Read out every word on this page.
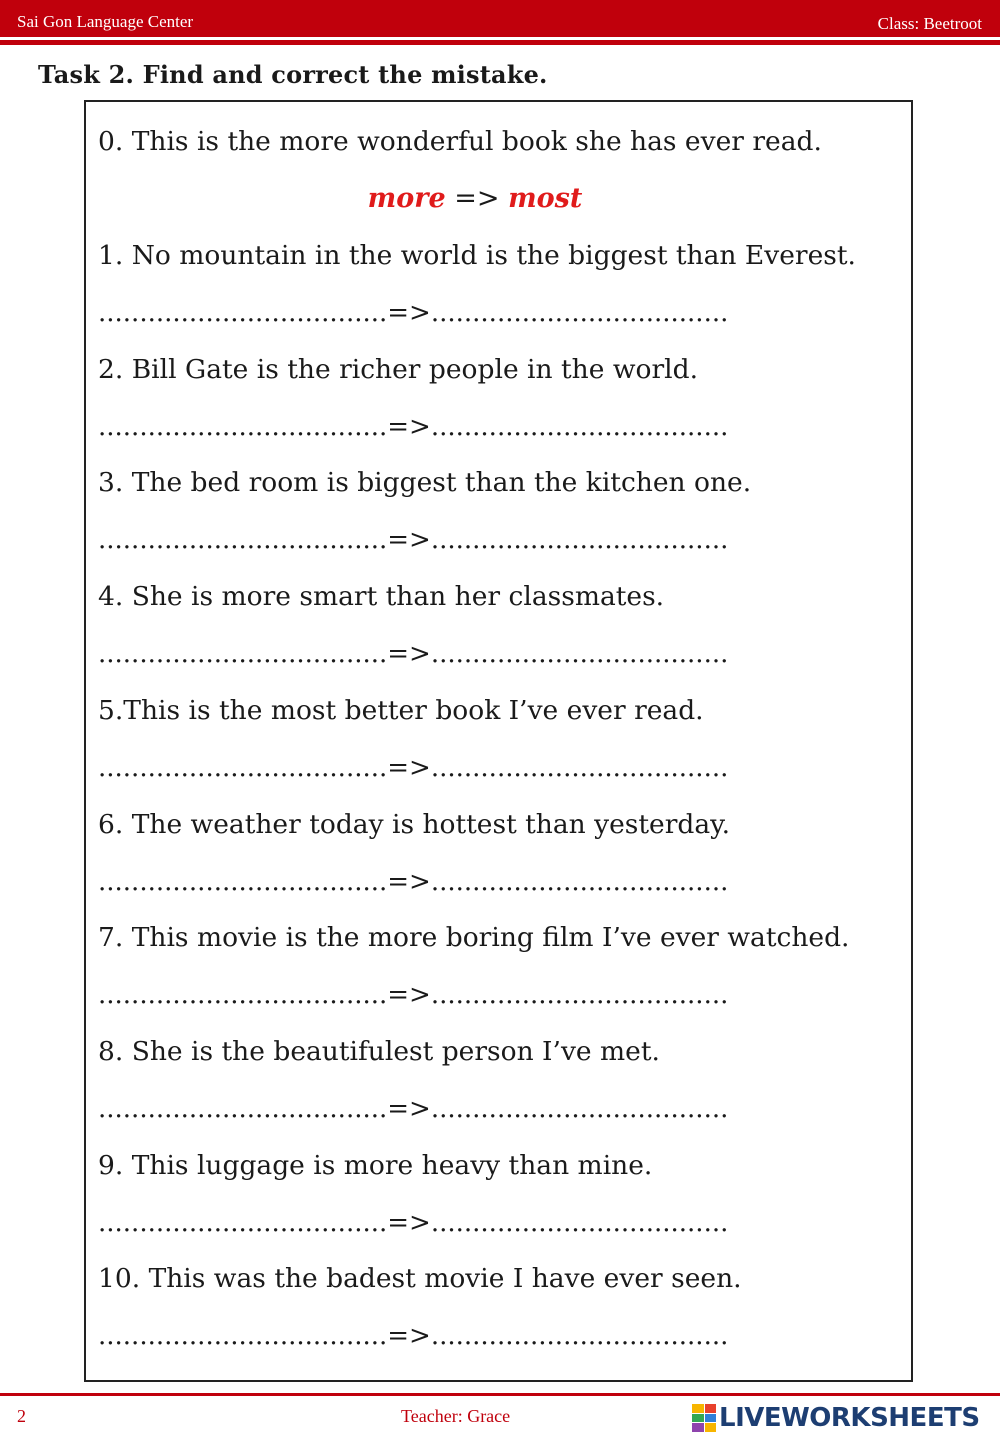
Sai Gon Language Center	Class: Beetroot
Task 2. Find and correct the mistake.
0. This is the more wonderful book she has ever read.
more => most
1. No mountain in the world is the biggest than Everest.
...................................=>....................................
2. Bill Gate is the richer people in the world.
...................................=>....................................
3. The bed room is biggest than the kitchen one.
...................................=>....................................
4. She is more smart than her classmates.
...................................=>....................................
5.This is the most better book I’ve ever read.
...................................=>....................................
6. The weather today is hottest than yesterday.
...................................=>....................................
7. This movie is the more boring film I’ve ever watched.
...................................=>....................................
8. She is the beautifulest person I’ve met.
...................................=>....................................
9. This luggage is more heavy than mine.
...................................=>....................................
10. This was the badest movie I have ever seen.
...................................=>....................................
2	Teacher: Grace	LIVEWORKSHEETS
